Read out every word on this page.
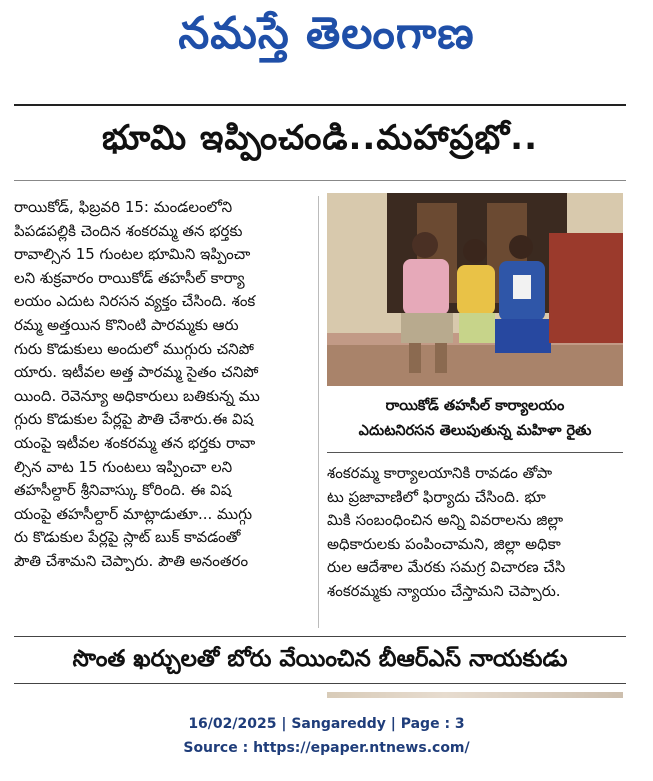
నమస్తే తెలంగాణ
భూమి ఇప్పించండి..మహాప్రభో..
రాయికోడ్, ఫిబ్రవరి 15: మండలంలోని
పిపడపల్లికి చెందిన శంకరమ్మ తన భర్తకు
రావాల్సిన 15 గుంటల భూమిని ఇప్పించా
లని శుక్రవారం రాయికోడ్ తహసీల్ కార్యా
లయం ఎదుట నిరసన వ్యక్తం చేసింది. శంక
రమ్మ అత్తయిన కొనింటి పారమ్మకు ఆరు
గురు కొడుకులు అందులో ముగ్గురు చనిపో
యారు. ఇటీవల అత్త పారమ్మ సైతం చనిపో
యింది. రెవెన్యూ అధికారులు బతికున్న ము
గ్గురు కొడుకుల పేర్లపై పౌతి చేశారు.ఈ విష
యంపై ఇటీవల శంకరమ్మ తన భర్తకు రావా
ల్సిన వాట 15 గుంటలు ఇప్పించా లని
తహసీల్దార్ శ్రీనివాస్కు కోరింది. ఈ విష
యంపై తహసీల్దార్ మాట్లాడుతూ... ముగ్గు
రు కొడుకుల పేర్లపై స్లాట్ బుక్ కావడంతో
పౌతి చేశామని చెప్పారు. పౌతి అనంతరం
రాయికోడ్ తహసీల్ కార్యాలయం
ఎదుటనిరసన తెలుపుతున్న మహిళా రైతు
శంకరమ్మ కార్యాలయానికి రావడం తోపా
టు ప్రజావాణిలో ఫిర్యాదు చేసింది. భూ
మికి సంబంధించిన అన్ని వివరాలను జిల్లా
అధికారులకు పంపించామని, జిల్లా అధికా
రుల ఆదేశాల మేరకు సమగ్ర విచారణ చేసి
శంకరమ్మకు న్యాయం చేస్తామని చెప్పారు.
సొంత ఖర్చులతో బోరు వేయించిన బీఆర్ఎస్ నాయకుడు
16/02/2025 | Sangareddy | Page : 3
Source : https://epaper.ntnews.com/
